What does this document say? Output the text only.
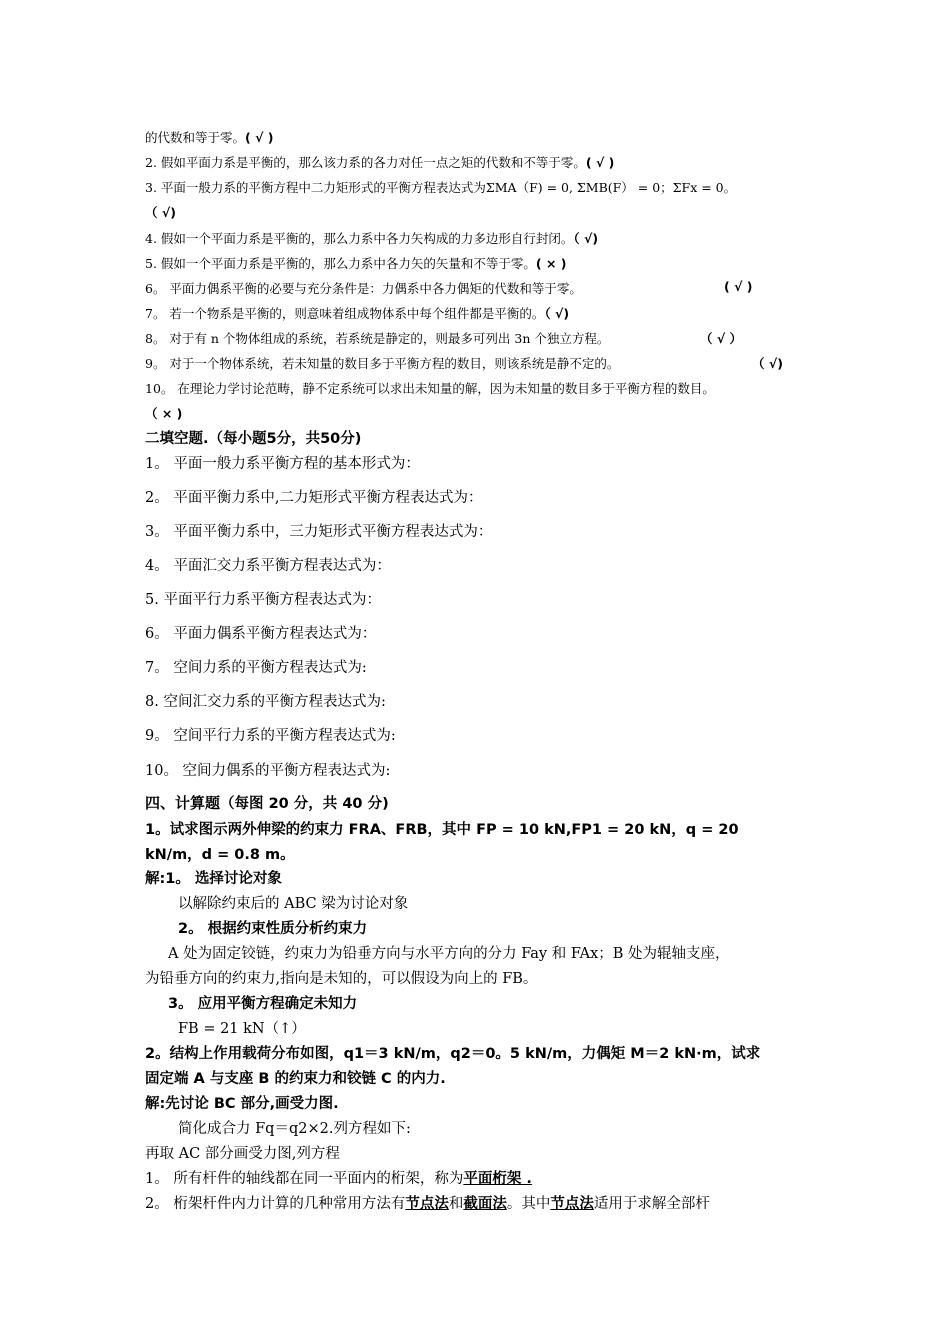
的代数和等于零。( √ )
2. 假如平面力系是平衡的，那么该力系的各力对任一点之矩的代数和不等于零。( √ )
3. 平面一般力系的平衡方程中二力矩形式的平衡方程表达式为ΣMA（F) = 0, ΣMB(F） = 0；ΣFx = 0。
（ √)
4. 假如一个平面力系是平衡的，那么力系中各力矢构成的力多边形自行封闭。（ √)
5. 假如一个平面力系是平衡的，那么力系中各力矢的矢量和不等于零。( × )
6。 平面力偶系平衡的必要与充分条件是：力偶系中各力偶矩的代数和等于零。	( √ )
7。 若一个物系是平衡的，则意味着组成物体系中每个组件都是平衡的。（ √)
8。 对于有 n 个物体组成的系统，若系统是静定的，则最多可列出 3n 个独立方程。	（ √ ）
9。 对于一个物体系统，若未知量的数目多于平衡方程的数目，则该系统是静不定的。	（ √)
10。 在理论力学讨论范畴，静不定系统可以求出未知量的解，因为未知量的数目多于平衡方程的数目。
（ × )
二填空题.（每小题5分，共50分)
1。 平面一般力系平衡方程的基本形式为：
2。 平面平衡力系中,二力矩形式平衡方程表达式为：
3。 平面平衡力系中，三力矩形式平衡方程表达式为：
4。 平面汇交力系平衡方程表达式为：
5. 平面平行力系平衡方程表达式为：
6。 平面力偶系平衡方程表达式为：
7。 空间力系的平衡方程表达式为:
8. 空间汇交力系的平衡方程表达式为:
9。 空间平行力系的平衡方程表达式为:
10。 空间力偶系的平衡方程表达式为:
四、计算题（每图 20 分，共 40 分)
1。试求图示两外伸梁的约束力 FRA、FRB，其中 FP = 10 kN,FP1 = 20 kN，q = 20
kN/m，d = 0.8 m。
解:1。 选择讨论对象
以解除约束后的 ABC 梁为讨论对象
2。 根据约束性质分析约束力
A 处为固定铰链，约束力为铅垂方向与水平方向的分力 Fay 和 FAx；B 处为辊轴支座，
为铅垂方向的约束力,指向是未知的，可以假设为向上的 FB。
3。 应用平衡方程确定未知力
FB = 21 kN（↑）
2。结构上作用载荷分布如图，q1＝3 kN/m，q2＝0。5 kN/m，力偶矩 M＝2 kN·m，试求
固定端 A 与支座 B 的约束力和铰链 C 的内力.
解:先讨论 BC 部分,画受力图.
简化成合力 Fq＝q2×2.列方程如下:
再取 AC 部分画受力图,列方程
1。 所有杆件的轴线都在同一平面内的桁架，称为平面桁架 .
2。 桁架杆件内力计算的几种常用方法有节点法和截面法。其中节点法适用于求解全部杆
